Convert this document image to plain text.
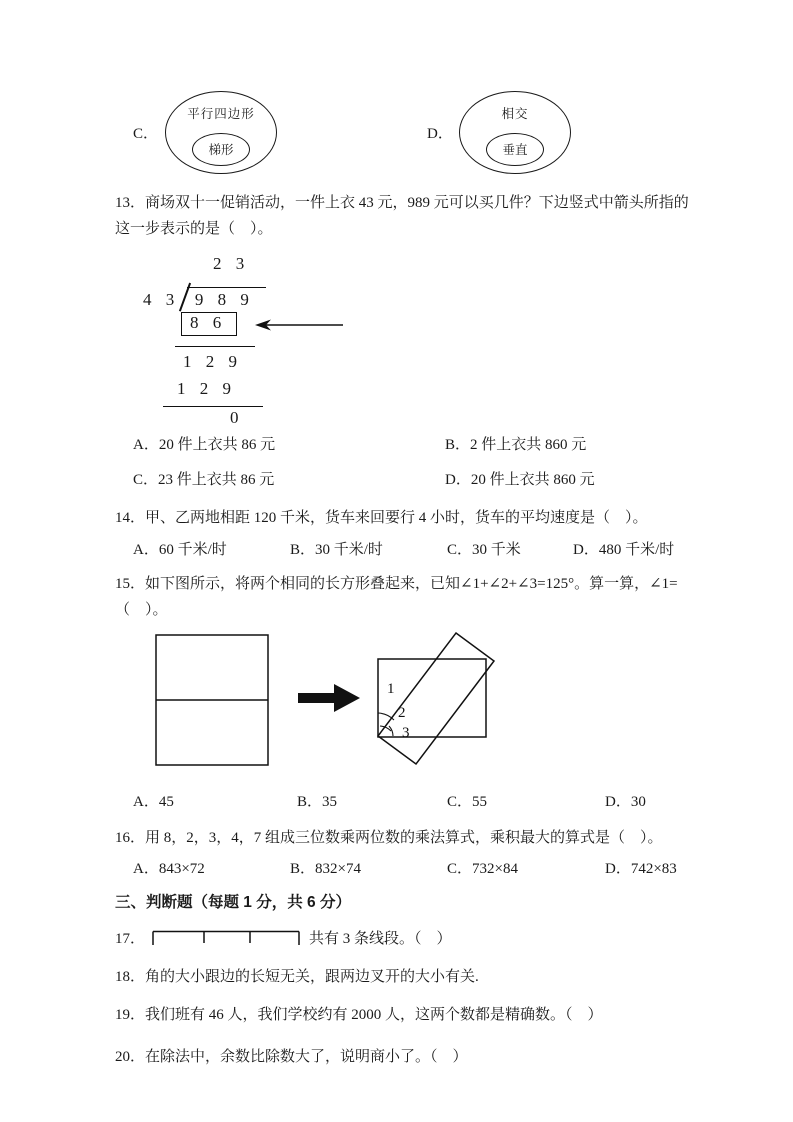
C．
平行四边形
梯形
D．
相交
垂直

13．商场双十一促销活动，一件上衣 43 元，989 元可以买几件？下边竖式中箭头所指的这一步表示的是（　）。

2 3
4 3 9 8 9
8 6
1 2 9
1 2 9
0
A．20 件上衣共 86 元	B．2 件上衣共 860 元
C．23 件上衣共 86 元	D．20 件上衣共 860 元

14．甲、乙两地相距 120 千米，货车来回要行 4 小时，货车的平均速度是（　）。

A．60 千米/时	B．30 千米/时	C．30 千米	D．480 千米/时

15．如下图所示，将两个相同的长方形叠起来，已知∠1+∠2+∠3=125°。算一算，∠1=（　）。

1
2
3
A．45	B．35	C．55	D．30

16．用 8，2，3，4，7 组成三位数乘两位数的乘法算式，乘积最大的算式是（　）。

A．843×72	B．832×74	C．732×84	D．742×83
三、判断题（每题 1 分，共 6 分）

17．	共有 3 条线段。（　）

18．角的大小跟边的长短无关，跟两边叉开的大小有关.

19．我们班有 46 人，我们学校约有 2000 人，这两个数都是精确数。（　）

20．在除法中，余数比除数大了，说明商小了。（　）
